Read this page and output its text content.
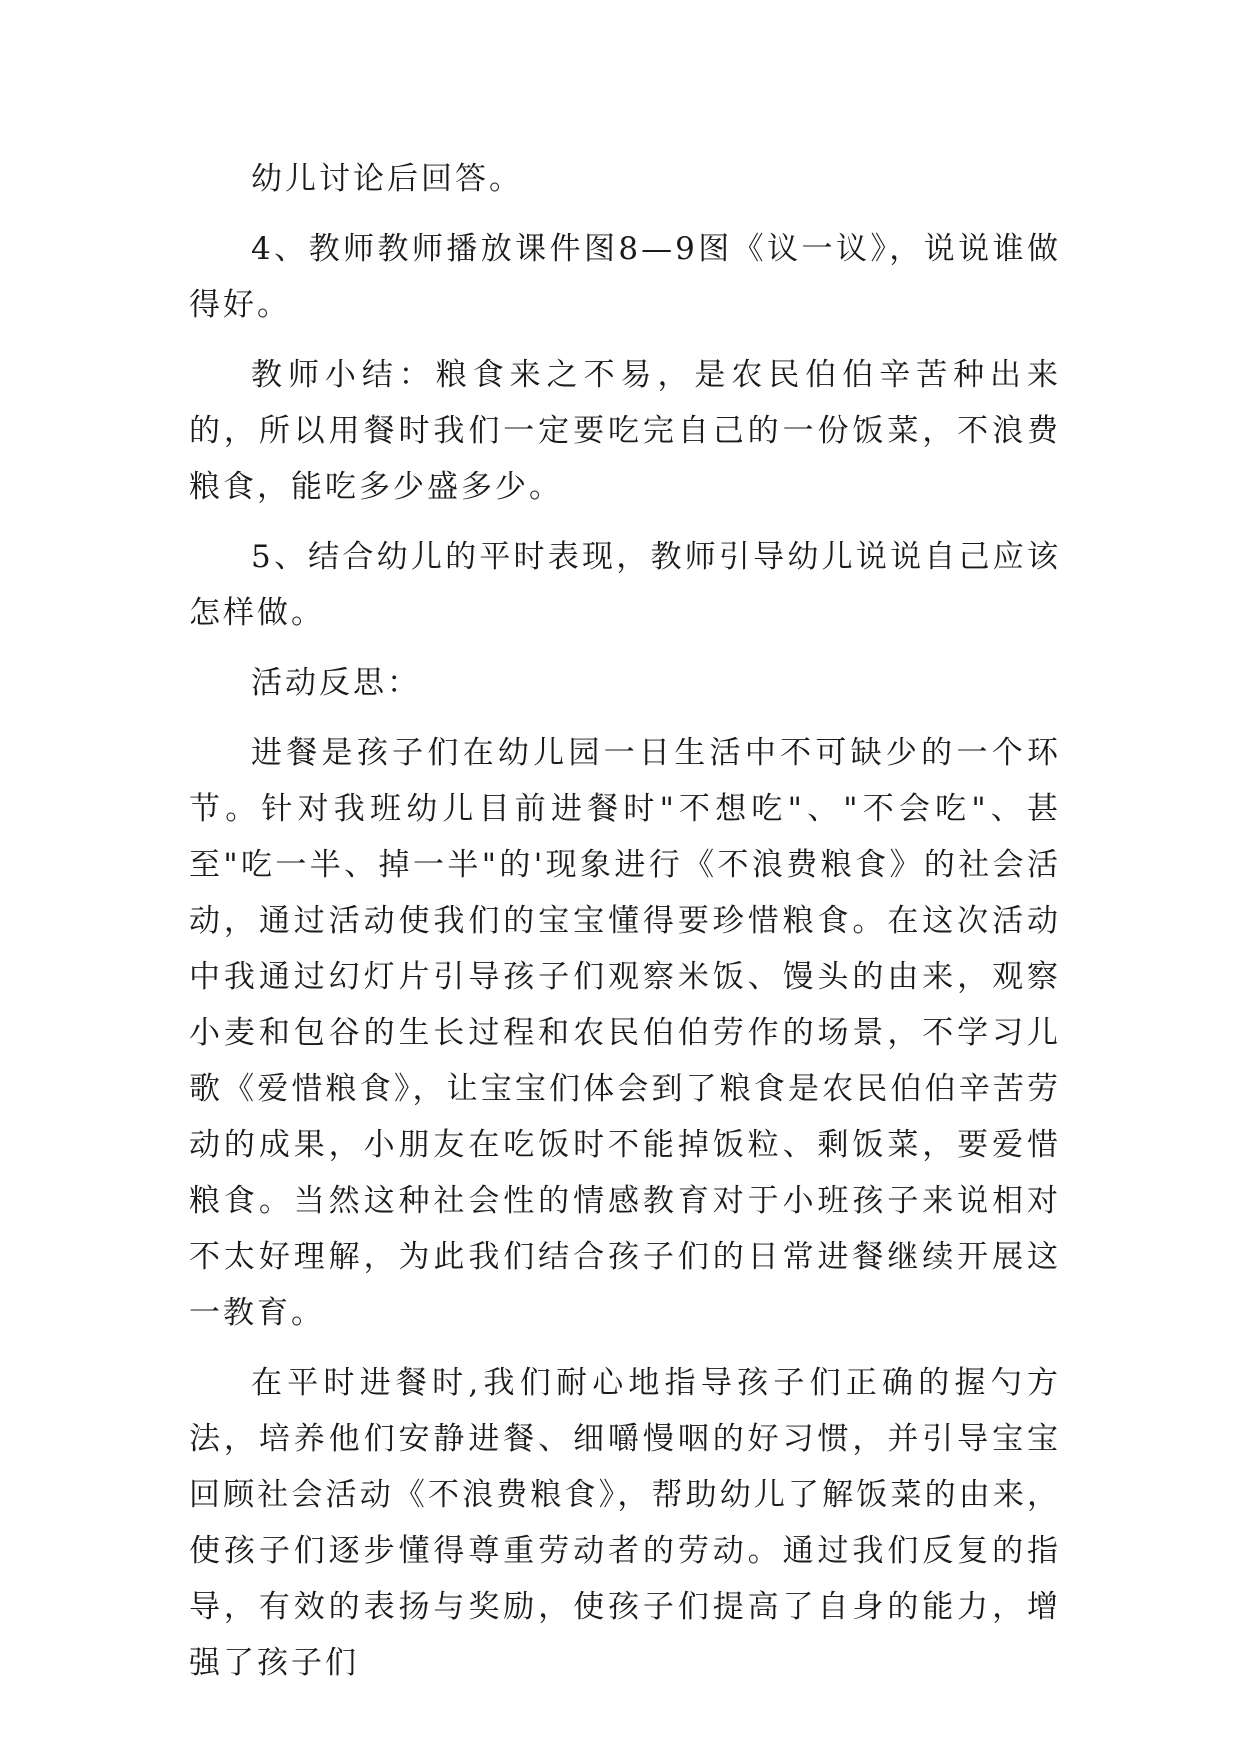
幼儿讨论后回答。

4、教师教师播放课件图8—9图《议一议》，说说谁做得好。

教师小结：粮食来之不易，是农民伯伯辛苦种出来的，所以用餐时我们一定要吃完自己的一份饭菜，不浪费粮食，能吃多少盛多少。

5、结合幼儿的平时表现，教师引导幼儿说说自己应该怎样做。

活动反思：

进餐是孩子们在幼儿园一日生活中不可缺少的一个环节。针对我班幼儿目前进餐时"不想吃"、"不会吃"、甚至"吃一半、掉一半"的'现象进行《不浪费粮食》的社会活动，通过活动使我们的宝宝懂得要珍惜粮食。在这次活动中我通过幻灯片引导孩子们观察米饭、馒头的由来，观察小麦和包谷的生长过程和农民伯伯劳作的场景，不学习儿歌《爱惜粮食》，让宝宝们体会到了粮食是农民伯伯辛苦劳动的成果，小朋友在吃饭时不能掉饭粒、剩饭菜，要爱惜粮食。当然这种社会性的情感教育对于小班孩子来说相对不太好理解，为此我们结合孩子们的日常进餐继续开展这一教育。

在平时进餐时,我们耐心地指导孩子们正确的握勺方法，培养他们安静进餐、细嚼慢咽的好习惯，并引导宝宝回顾社会活动《不浪费粮食》，帮助幼儿了解饭菜的由来，使孩子们逐步懂得尊重劳动者的劳动。通过我们反复的指导，有效的表扬与奖励，使孩子们提高了自身的能力，增强了孩子们
